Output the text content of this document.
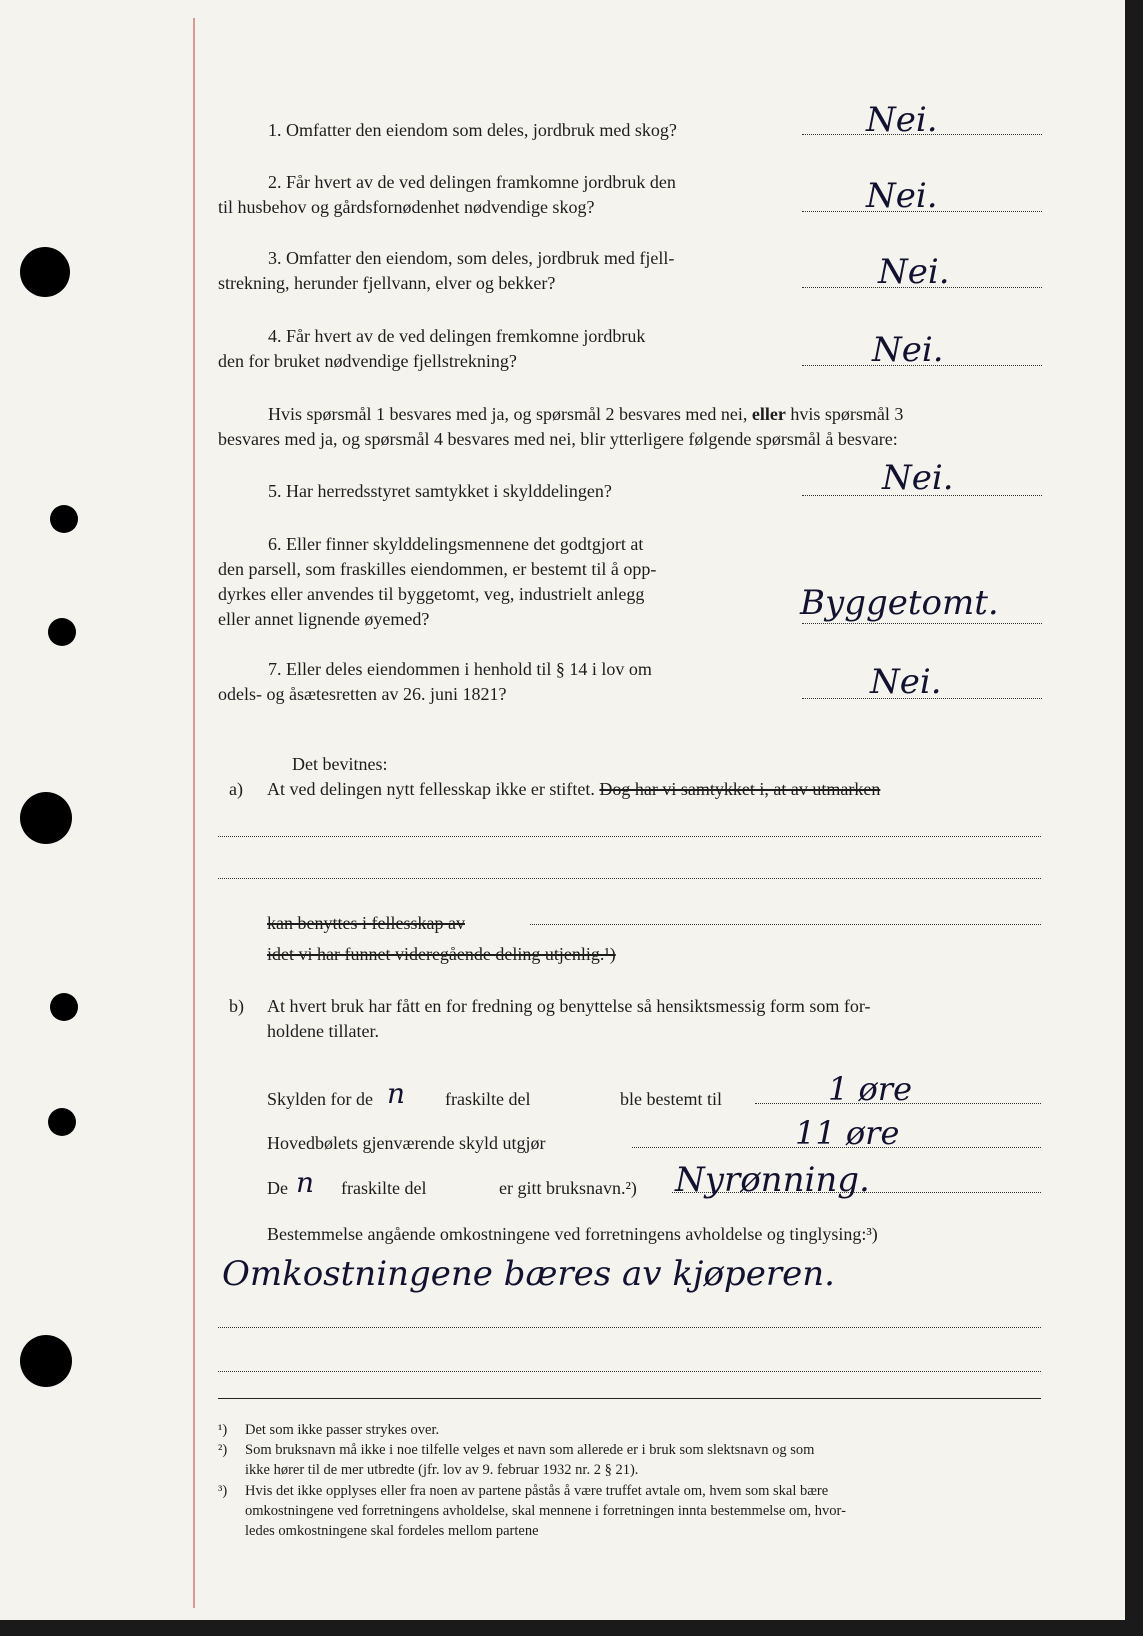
1. Omfatter den eiendom som deles, jordbruk med skog?	Nei.
2. Får hvert av de ved delingen framkomne jordbruk den
til husbehov og gårdsfornødenhet nødvendige skog?	Nei.
3. Omfatter den eiendom, som deles, jordbruk med fjell-
strekning, herunder fjellvann, elver og bekker?	Nei.
4. Får hvert av de ved delingen fremkomne jordbruk
den for bruket nødvendige fjellstrekning?	Nei.
Hvis spørsmål 1 besvares med ja, og spørsmål 2 besvares med nei, eller hvis spørsmål 3
besvares med ja, og spørsmål 4 besvares med nei, blir ytterligere følgende spørsmål å besvare:
5. Har herredsstyret samtykket i skylddelingen?	Nei.
6. Eller finner skylddelingsmennene det godtgjort at
den parsell, som fraskilles eiendommen, er bestemt til å opp-
dyrkes eller anvendes til byggetomt, veg, industrielt anlegg
eller annet lignende øyemed?	Byggetomt.
7. Eller deles eiendommen i henhold til § 14 i lov om
odels- og åsætesretten av 26. juni 1821?	Nei.
Det bevitnes:
a) At ved delingen nytt fellesskap ikke er stiftet. Dog har vi samtykket i, at av utmarken
kan benyttes i fellesskap av
idet vi har funnet videregående deling utjenlig.¹)
b) At hvert bruk har fått en for fredning og benyttelse så hensiktsmessig form som for-
holdene tillater.
Skylden for de n fraskilte del	ble bestemt til	1 øre
Hovedbølets gjenværende skyld utgjør	11 øre
De n fraskilte del	er gitt bruksnavn.²) Nyrønning.
Bestemmelse angående omkostningene ved forretningens avholdelse og tinglysing:³)
Omkostningene bæres av kjøperen.
¹) Det som ikke passer strykes over.
²) Som bruksnavn må ikke i noe tilfelle velges et navn som allerede er i bruk som slektsnavn og som
ikke hører til de mer utbredte (jfr. lov av 9. februar 1932 nr. 2 § 21).
³) Hvis det ikke opplyses eller fra noen av partene påstås å være truffet avtale om, hvem som skal bære
omkostningene ved forretningens avholdelse, skal mennene i forretningen innta bestemmelse om, hvor-
ledes omkostningene skal fordeles mellom partene
